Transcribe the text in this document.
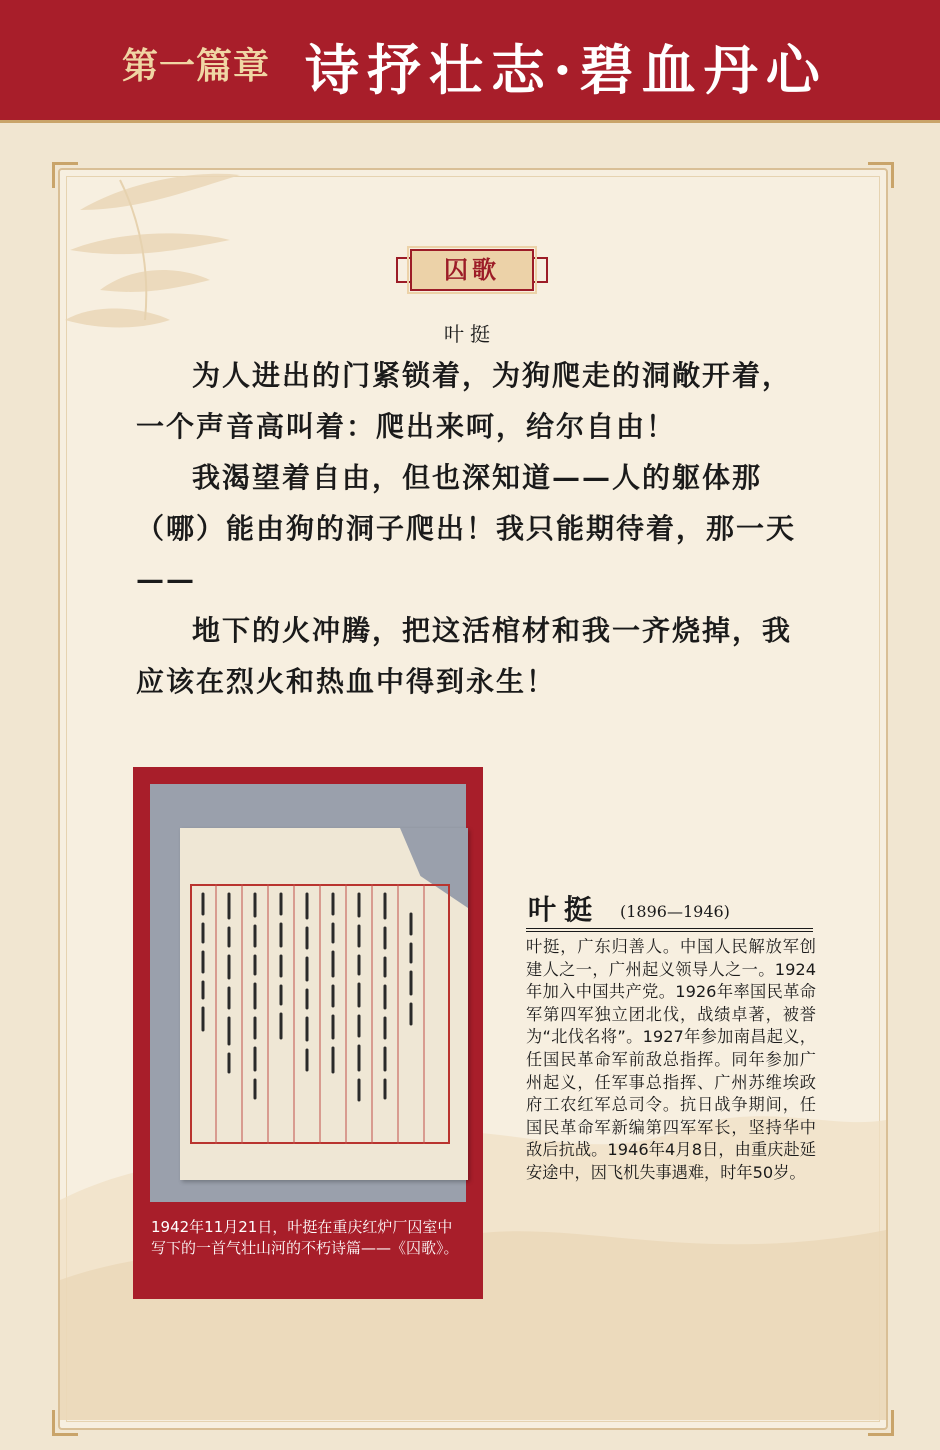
第一篇章 诗抒壮志·碧血丹心
囚歌
叶挺

为人进出的门紧锁着，为狗爬走的洞敞开着，一个声音高叫着：爬出来呵，给尔自由！

我渴望着自由，但也深知道——人的躯体那（哪）能由狗的洞子爬出！我只能期待着，那一天——

地下的火冲腾，把这活棺材和我一齐烧掉，我应该在烈火和热血中得到永生！

1942年11月21日，叶挺在重庆红炉厂囚室中写下的一首气壮山河的不朽诗篇——《囚歌》。
叶挺 (1896—1946)
叶挺，广东归善人。中国人民解放军创建人之一，广州起义领导人之一。1924年加入中国共产党。1926年率国民革命军第四军独立团北伐，战绩卓著，被誉为“北伐名将”。1927年参加南昌起义，任国民革命军前敌总指挥。同年参加广州起义，任军事总指挥、广州苏维埃政府工农红军总司令。抗日战争期间，任国民革命军新编第四军军长，坚持华中敌后抗战。1946年4月8日，由重庆赴延安途中，因飞机失事遇难，时年50岁。
